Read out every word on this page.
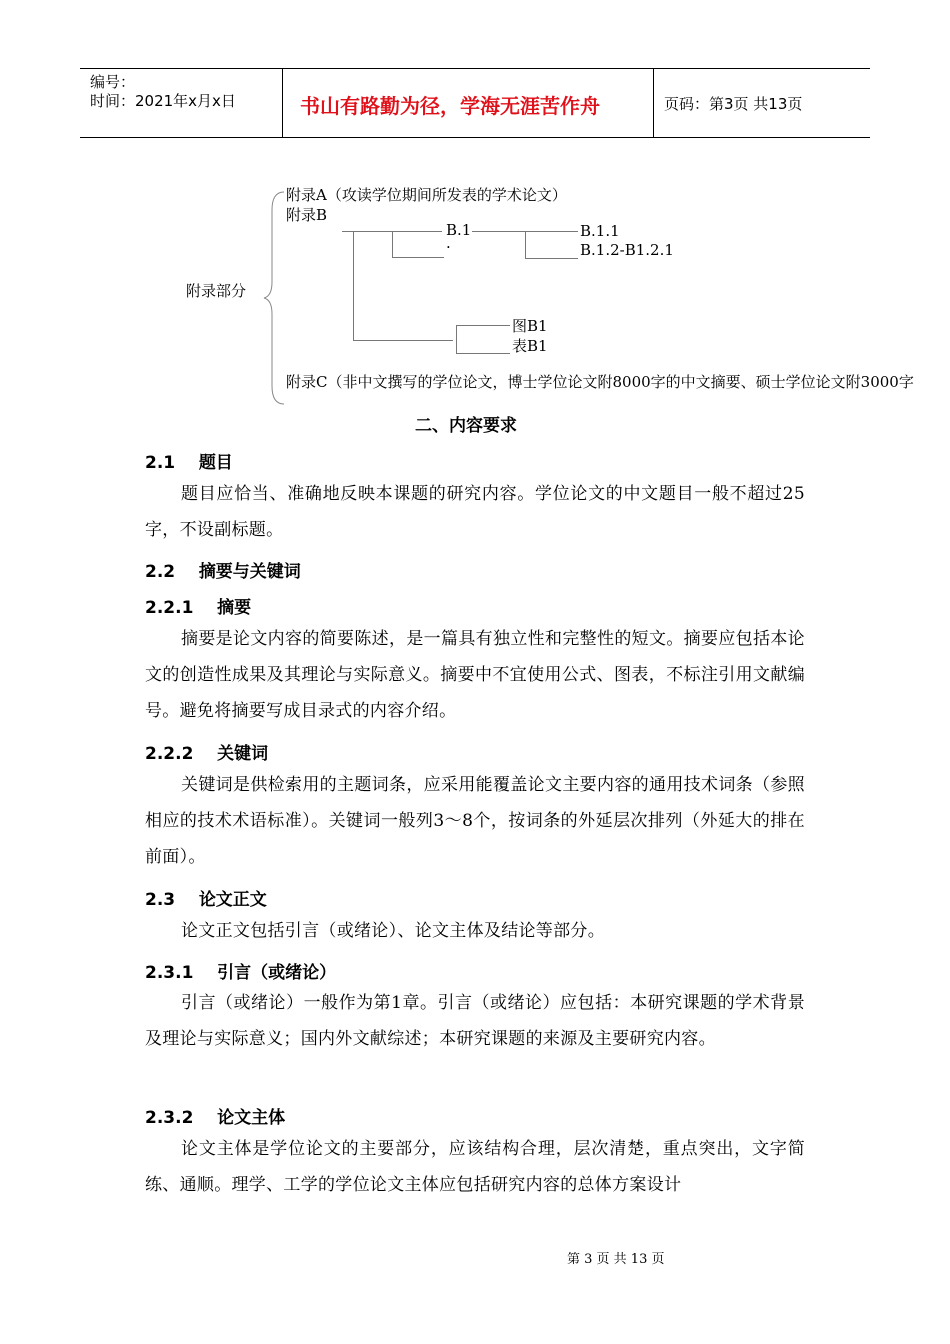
编号：
时间：2021年x月x日	书山有路勤为径，学海无涯苦作舟	页码：第3页 共13页
附录部分
附录A（攻读学位期间所发表的学术论文）
附录B
B.1
·
B.1.1
B.1.2-B1.2.1
图B1
表B1
附录C（非中文撰写的学位论文，博士学位论文附8000字的中文摘要、硕士学位论文附3000字
二、内容要求
2.1 题目
题目应恰当、准确地反映本课题的研究内容。学位论文的中文题目一般不超过25字，不设副标题。
2.2 摘要与关键词
2.2.1 摘要
摘要是论文内容的简要陈述，是一篇具有独立性和完整性的短文。摘要应包括本论文的创造性成果及其理论与实际意义。摘要中不宜使用公式、图表，不标注引用文献编号。避免将摘要写成目录式的内容介绍。
2.2.2 关键词
关键词是供检索用的主题词条，应采用能覆盖论文主要内容的通用技术词条（参照相应的技术术语标准）。关键词一般列3～8个，按词条的外延层次排列（外延大的排在前面）。
2.3 论文正文
论文正文包括引言（或绪论）、论文主体及结论等部分。
2.3.1 引言（或绪论）
引言（或绪论）一般作为第1章。引言（或绪论）应包括：本研究课题的学术背景及理论与实际意义；国内外文献综述；本研究课题的来源及主要研究内容。
2.3.2 论文主体
论文主体是学位论文的主要部分，应该结构合理，层次清楚，重点突出，文字简练、通顺。理学、工学的学位论文主体应包括研究内容的总体方案设计
第 3 页 共 13 页
